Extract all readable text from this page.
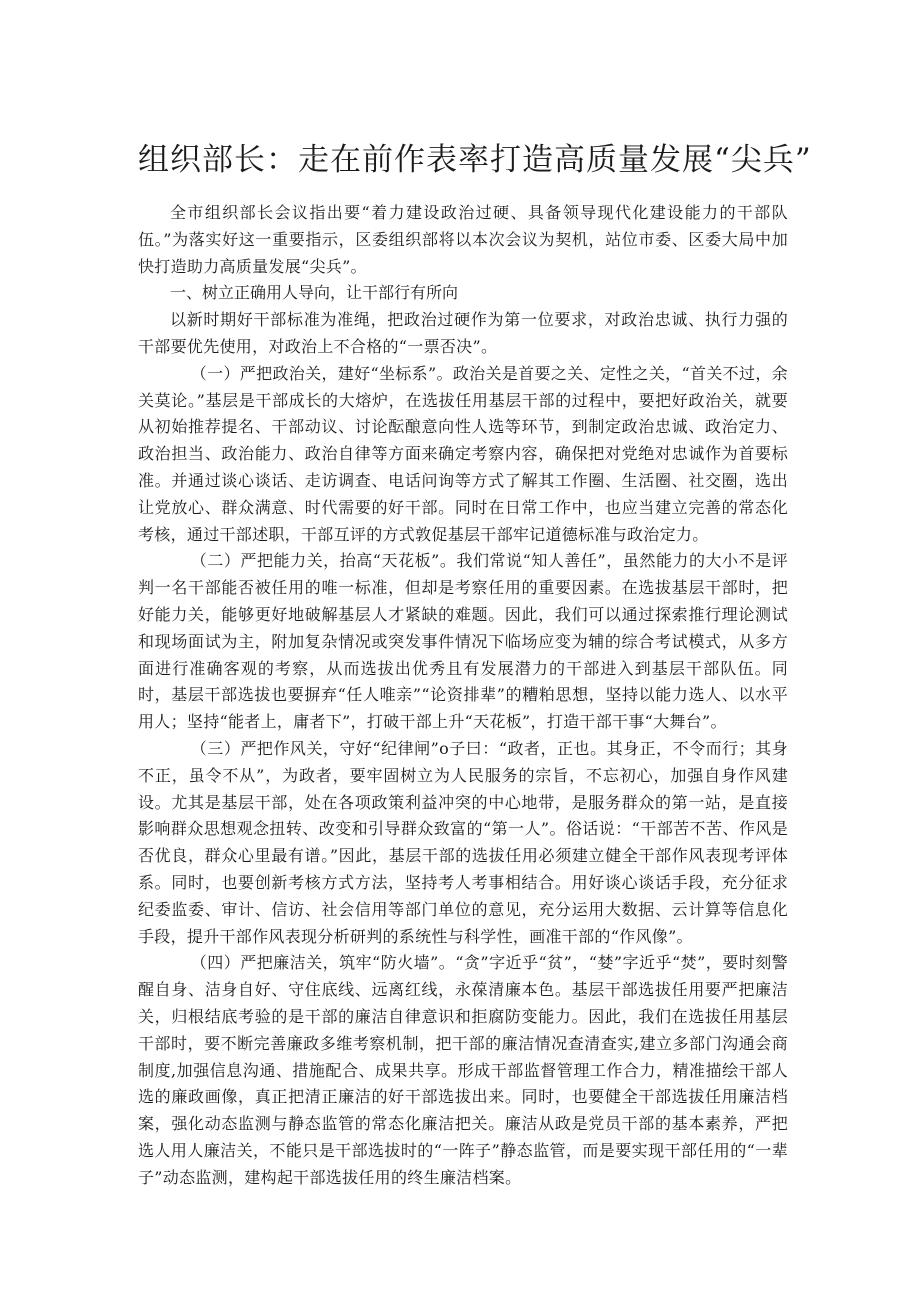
组织部长：走在前作表率打造高质量发展“尖兵”

全市组织部长会议指出要“着力建设政治过硬、具备领导现代化建设能力的干部队伍。”为落实好这一重要指示，区委组织部将以本次会议为契机，站位市委、区委大局中加快打造助力高质量发展“尖兵”。

一、树立正确用人导向，让干部行有所向

以新时期好干部标准为准绳，把政治过硬作为第一位要求，对政治忠诚、执行力强的干部要优先使用，对政治上不合格的“一票否决”。

（一）严把政治关，建好“坐标系”。政治关是首要之关、定性之关，“首关不过，余关莫论。”基层是干部成长的大熔炉，在选拔任用基层干部的过程中，要把好政治关，就要从初始推荐提名、干部动议、讨论酝酿意向性人选等环节，到制定政治忠诚、政治定力、政治担当、政治能力、政治自律等方面来确定考察内容，确保把对党绝对忠诚作为首要标准。并通过谈心谈话、走访调查、电话问询等方式了解其工作圈、生活圈、社交圈，选出让党放心、群众满意、时代需要的好干部。同时在日常工作中，也应当建立完善的常态化考核，通过干部述职，干部互评的方式敦促基层干部牢记道德标准与政治定力。

（二）严把能力关，抬高“天花板”。我们常说“知人善任”，虽然能力的大小不是评判一名干部能否被任用的唯一标准，但却是考察任用的重要因素。在选拔基层干部时，把好能力关，能够更好地破解基层人才紧缺的难题。因此，我们可以通过探索推行理论测试和现场面试为主，附加复杂情况或突发事件情况下临场应变为辅的综合考试模式，从多方面进行准确客观的考察，从而选拔出优秀且有发展潜力的干部进入到基层干部队伍。同时，基层干部选拔也要摒弃“任人唯亲”“论资排辈”的糟粕思想，坚持以能力选人、以水平用人；坚持“能者上，庸者下”，打破干部上升“天花板”，打造干部干事“大舞台”。

（三）严把作风关，守好“纪律闸”o子曰：“政者，正也。其身正，不令而行；其身不正，虽令不从”，为政者，要牢固树立为人民服务的宗旨，不忘初心，加强自身作风建设。尤其是基层干部，处在各项政策利益冲突的中心地带，是服务群众的第一站，是直接影响群众思想观念扭转、改变和引导群众致富的“第一人”。俗话说：“干部苦不苦、作风是否优良，群众心里最有谱。”因此，基层干部的选拔任用必须建立健全干部作风表现考评体系。同时，也要创新考核方式方法，坚持考人考事相结合。用好谈心谈话手段，充分征求纪委监委、审计、信访、社会信用等部门单位的意见，充分运用大数据、云计算等信息化手段，提升干部作风表现分析研判的系统性与科学性，画准干部的“作风像”。

（四）严把廉洁关，筑牢“防火墙”。“贪”字近乎“贫”，“婪”字近乎“焚”，要时刻警醒自身、洁身自好、守住底线、远离红线，永葆清廉本色。基层干部选拔任用要严把廉洁关，归根结底考验的是干部的廉洁自律意识和拒腐防变能力。因此，我们在选拔任用基层干部时，要不断完善廉政多维考察机制，把干部的廉洁情况查清查实,建立多部门沟通会商制度,加强信息沟通、措施配合、成果共享。形成干部监督管理工作合力，精准描绘干部人选的廉政画像，真正把清正廉洁的好干部选拔出来。同时，也要健全干部选拔任用廉洁档案，强化动态监测与静态监管的常态化廉洁把关。廉洁从政是党员干部的基本素养，严把选人用人廉洁关，不能只是干部选拔时的“一阵子”静态监管，而是要实现干部任用的“一辈子”动态监测，建构起干部选拔任用的终生廉洁档案。
